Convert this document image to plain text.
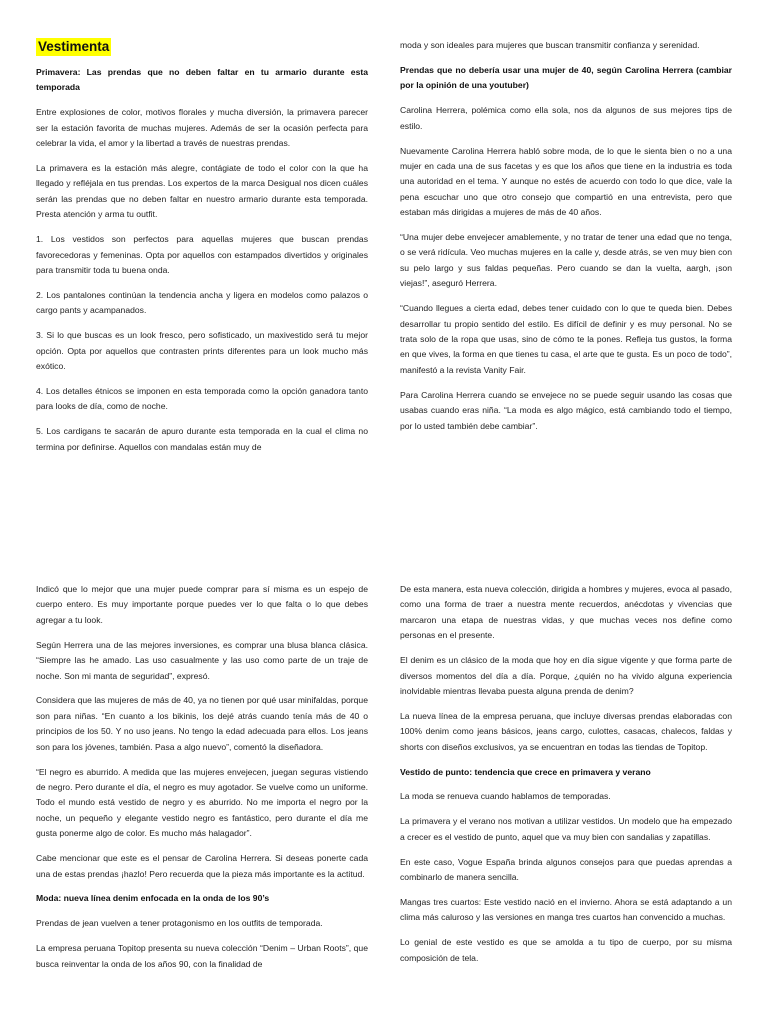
Vestimenta

Primavera: Las prendas que no deben faltar en tu armario durante esta temporada

Entre explosiones de color, motivos florales y mucha diversión, la primavera parecer ser la estación favorita de muchas mujeres. Además de ser la ocasión perfecta para celebrar la vida, el amor y la libertad a través de nuestras prendas.

La primavera es la estación más alegre, contágiate de todo el color con la que ha llegado y refléjala en tus prendas. Los expertos de la marca Desigual nos dicen cuáles serán las prendas que no deben faltar en nuestro armario durante esta temporada. Presta atención y arma tu outfit.

1. Los vestidos son perfectos para aquellas mujeres que buscan prendas favorecedoras y femeninas. Opta por aquellos con estampados divertidos y originales para transmitir toda tu buena onda.

2. Los pantalones continúan la tendencia ancha y ligera en modelos como palazos o cargo pants y acampanados.

3. Si lo que buscas es un look fresco, pero sofisticado, un maxivestido será tu mejor opción. Opta por aquellos que contrasten prints diferentes para un look mucho más exótico.

4. Los detalles étnicos se imponen en esta temporada como la opción ganadora tanto para looks de día, como de noche.

5. Los cardigans te sacarán de apuro durante esta temporada en la cual el clima no termina por definirse. Aquellos con mandalas están muy de

moda y son ideales para mujeres que buscan transmitir confianza y serenidad.

Prendas que no debería usar una mujer de 40, según Carolina Herrera (cambiar por la opinión de una youtuber)

Carolina Herrera, polémica como ella sola, nos da algunos de sus mejores tips de estilo.

Nuevamente Carolina Herrera habló sobre moda, de lo que le sienta bien o no a una mujer en cada una de sus facetas y es que los años que tiene en la industria es toda una autoridad en el tema. Y aunque no estés de acuerdo con todo lo que dice, vale la pena escuchar uno que otro consejo que compartió en una entrevista, pero que estaban más dirigidas a mujeres de más de 40 años.

“Una mujer debe envejecer amablemente, y no tratar de tener una edad que no tenga, o se verá ridícula. Veo muchas mujeres en la calle y, desde atrás, se ven muy bien con su pelo largo y sus faldas pequeñas. Pero cuando se dan la vuelta, aargh, ¡son viejas!”, aseguró Herrera.

“Cuando llegues a cierta edad, debes tener cuidado con lo que te queda bien. Debes desarrollar tu propio sentido del estilo. Es difícil de definir y es muy personal. No se trata solo de la ropa que usas, sino de cómo te la pones. Refleja tus gustos, la forma en que vives, la forma en que tienes tu casa, el arte que te gusta. Es un poco de todo”, manifestó a la revista Vanity Fair.

Para Carolina Herrera cuando se envejece no se puede seguir usando las cosas que usabas cuando eras niña. “La moda es algo mágico, está cambiando todo el tiempo, por lo usted también debe cambiar”.

Indicó que lo mejor que una mujer puede comprar para sí misma es un espejo de cuerpo entero. Es muy importante porque puedes ver lo que falta o lo que debes agregar a tu look.

Según Herrera una de las mejores inversiones, es comprar una blusa blanca clásica. “Siempre las he amado. Las uso casualmente y las uso como parte de un traje de noche. Son mi manta de seguridad”, expresó.

Considera que las mujeres de más de 40, ya no tienen por qué usar minifaldas, porque son para niñas. “En cuanto a los bikinis, los dejé atrás cuando tenía más de 40 o principios de los 50. Y no uso jeans. No tengo la edad adecuada para ellos. Los jeans son para los jóvenes, también. Pasa a algo nuevo”, comentó la diseñadora.

“El negro es aburrido. A medida que las mujeres envejecen, juegan seguras vistiendo de negro. Pero durante el día, el negro es muy agotador. Se vuelve como un uniforme. Todo el mundo está vestido de negro y es aburrido. No me importa el negro por la noche, un pequeño y elegante vestido negro es fantástico, pero durante el día me gusta ponerme algo de color. Es mucho más halagador”.

Cabe mencionar que este es el pensar de Carolina Herrera. Si deseas ponerte cada una de estas prendas ¡hazlo! Pero recuerda que la pieza más importante es la actitud.

Moda: nueva línea denim enfocada en la onda de los 90’s

Prendas de jean vuelven a tener protagonismo en los outfits de temporada.

La empresa peruana Topitop presenta su nueva colección “Denim – Urban Roots”, que busca reinventar la onda de los años 90, con la finalidad de

De esta manera, esta nueva colección, dirigida a hombres y mujeres, evoca al pasado, como una forma de traer a nuestra mente recuerdos, anécdotas y vivencias que marcaron una etapa de nuestras vidas, y que muchas veces nos define como personas en el presente.

El denim es un clásico de la moda que hoy en día sigue vigente y que forma parte de diversos momentos del día a día. Porque, ¿quién no ha vivido alguna experiencia inolvidable mientras llevaba puesta alguna prenda de denim?

La nueva línea de la empresa peruana, que incluye diversas prendas elaboradas con 100% denim como jeans básicos, jeans cargo, culottes, casacas, chalecos, faldas y shorts con diseños exclusivos, ya se encuentran en todas las tiendas de Topitop.

Vestido de punto: tendencia que crece en primavera y verano

La moda se renueva cuando hablamos de temporadas.

La primavera y el verano nos motivan a utilizar vestidos. Un modelo que ha empezado a crecer es el vestido de punto, aquel que va muy bien con sandalias y zapatillas.

En este caso, Vogue España brinda algunos consejos para que puedas aprendas a combinarlo de manera sencilla.

Mangas tres cuartos: Este vestido nació en el invierno. Ahora se está adaptando a un clima más caluroso y las versiones en manga tres cuartos han convencido a muchas.

Lo genial de este vestido es que se amolda a tu tipo de cuerpo, por su misma composición de tela.
